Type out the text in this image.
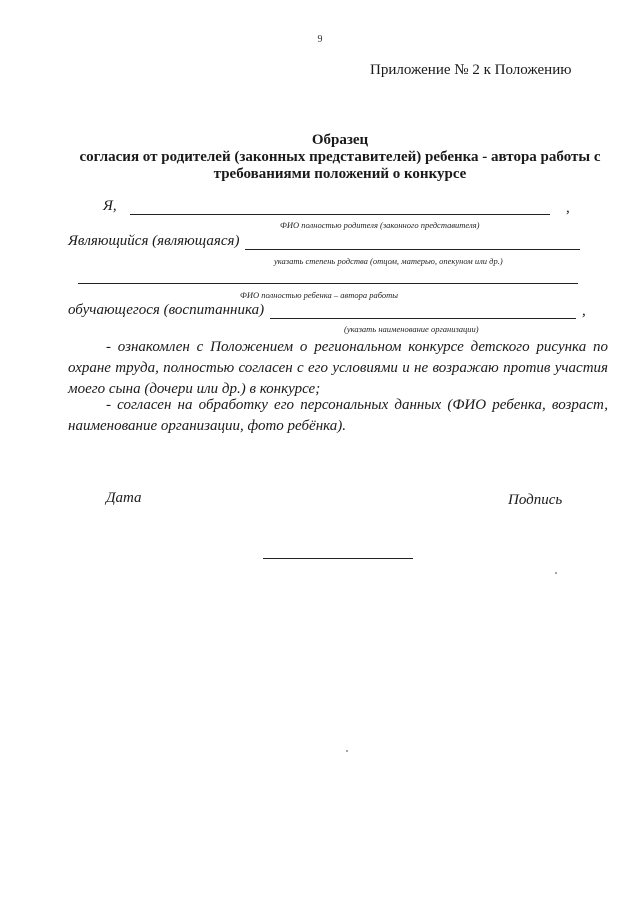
9
Приложение № 2 к Положению
Образец
согласия от родителей (законных представителей) ребенка - автора работы с
требованиями положений о конкурсе
Я,	,
ФИО полностью родителя (законного представителя)
Являющийся (являющаяся)
указать степень родства (отцом, матерью, опекуном или др.)
ФИО полностью ребенка – автора работы
обучающегося (воспитанника)	,
(указать наименование организации)
- ознакомлен с Положением о региональном конкурсе детского рисунка по охране труда, полностью согласен с его условиями и не возражаю против участия моего сына (дочери или др.) в конкурсе;
- согласен на обработку его персональных данных (ФИО ребенка, возраст, наименование организации, фото ребёнка).
Дата	Подпись
